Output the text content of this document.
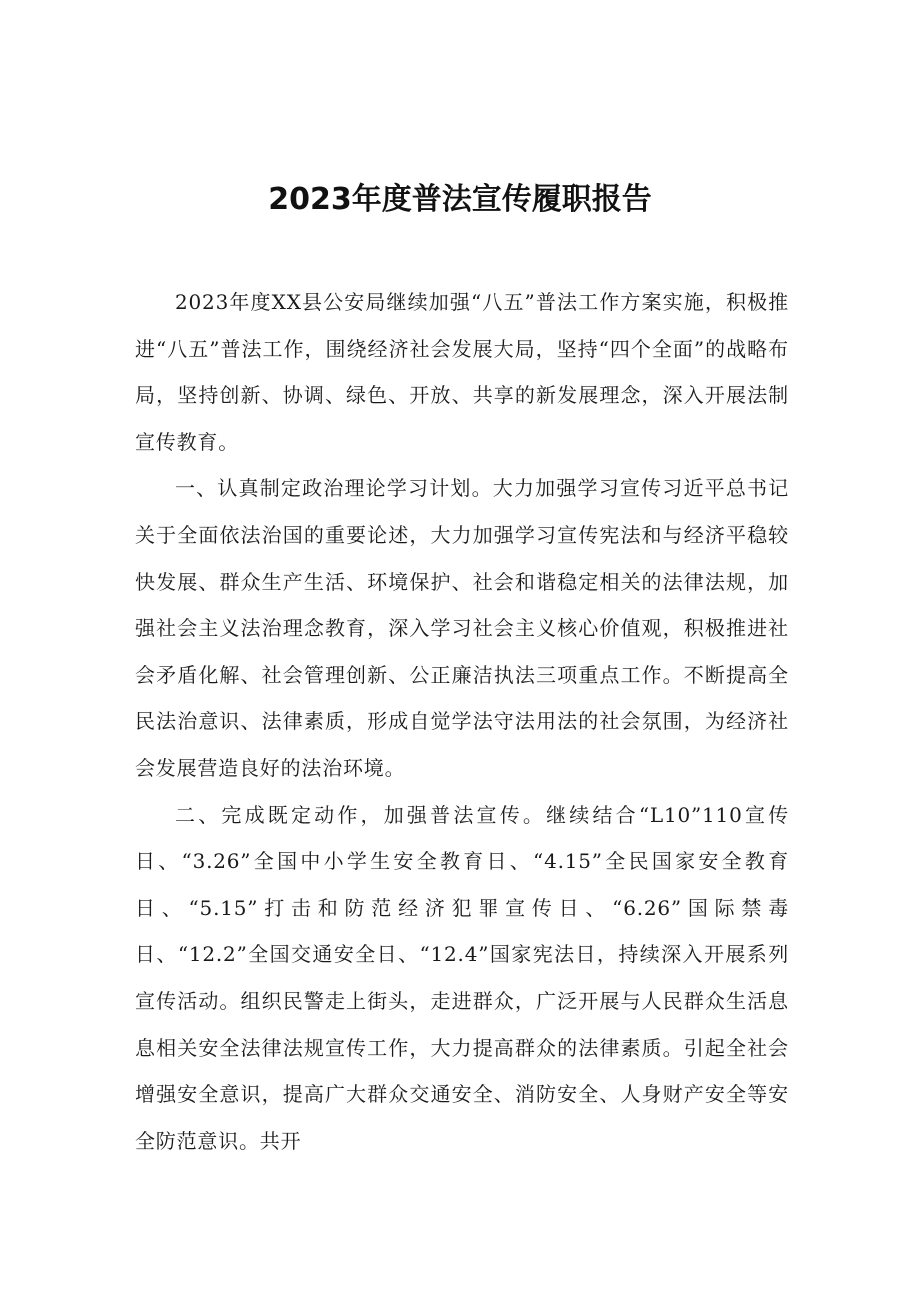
2023年度普法宣传履职报告

2023年度XX县公安局继续加强“八五”普法工作方案实施，积极推进“八五”普法工作，围绕经济社会发展大局，坚持“四个全面”的战略布局，坚持创新、协调、绿色、开放、共享的新发展理念，深入开展法制宣传教育。

一、认真制定政治理论学习计划。大力加强学习宣传习近平总书记关于全面依法治国的重要论述，大力加强学习宣传宪法和与经济平稳较快发展、群众生产生活、环境保护、社会和谐稳定相关的法律法规，加强社会主义法治理念教育，深入学习社会主义核心价值观，积极推进社会矛盾化解、社会管理创新、公正廉洁执法三项重点工作。不断提高全民法治意识、法律素质，形成自觉学法守法用法的社会氛围，为经济社会发展营造良好的法治环境。

二、完成既定动作，加强普法宣传。继续结合“L10”110宣传日、“3.26”全国中小学生安全教育日、“4.15”全民国家安全教育日、“5.15”打击和防范经济犯罪宣传日、“6.26”国际禁毒日、“12.2”全国交通安全日、“12.4”国家宪法日，持续深入开展系列宣传活动。组织民警走上街头，走进群众，广泛开展与人民群众生活息息相关安全法律法规宣传工作，大力提高群众的法律素质。引起全社会增强安全意识，提高广大群众交通安全、消防安全、人身财产安全等安全防范意识。共开
